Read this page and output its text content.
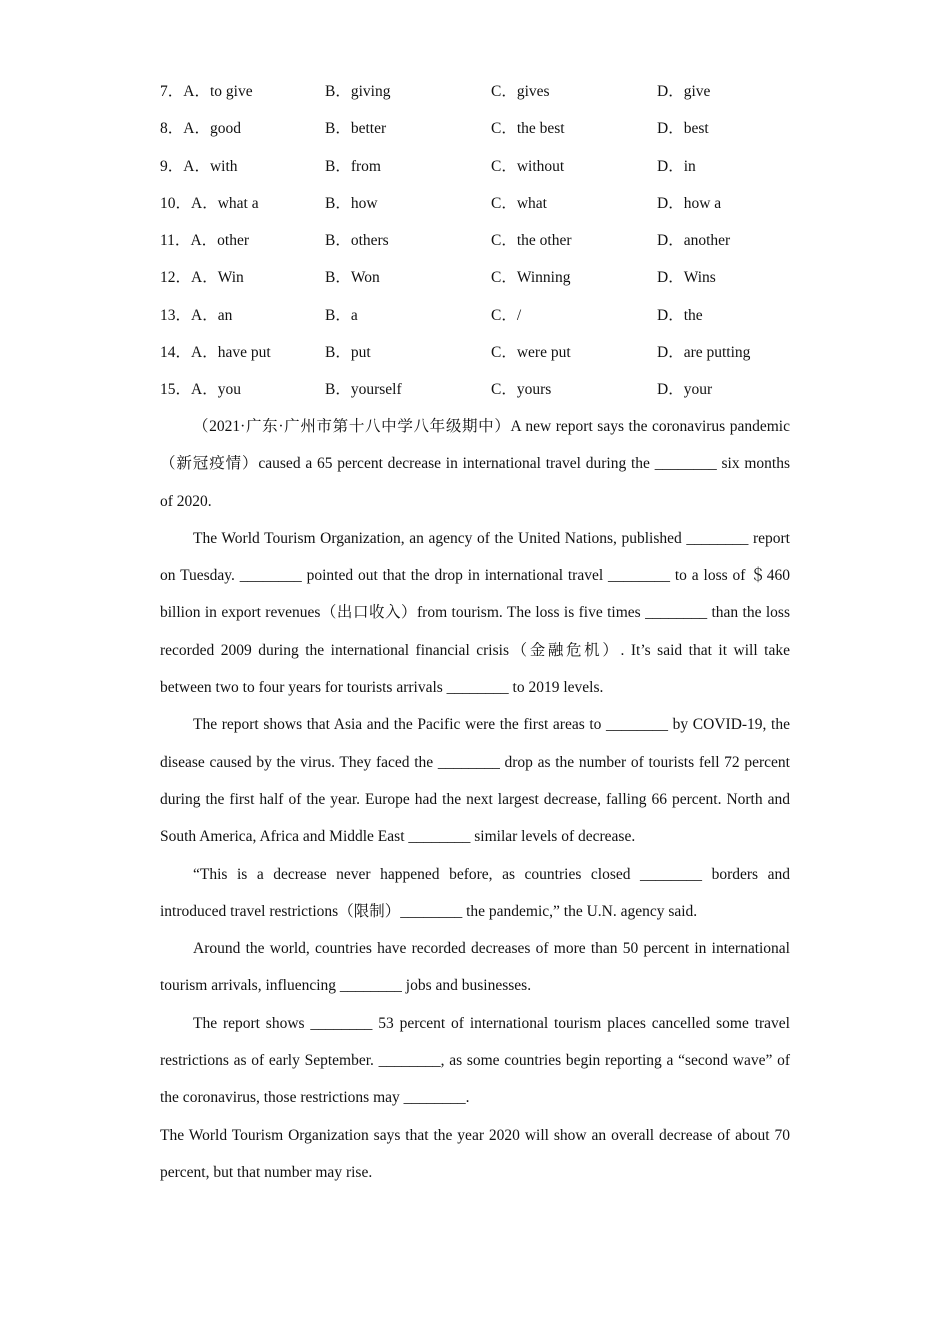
7．A．to give	B．giving	C．gives	D．give
8．A．good	B．better	C．the best	D．best
9．A．with	B．from	C．without	D．in
10．A．what a	B．how	C．what	D．how a
11．A．other	B．others	C．the other	D．another
12．A．Win	B．Won	C．Winning	D．Wins
13．A．an	B．a	C．/	D．the
14．A．have put	B．put	C．were put	D．are putting
15．A．you	B．yourself	C．yours	D．your

（2021·广东·广州市第十八中学八年级期中）A new report says the coronavirus pandemic（新冠疫情）caused a 65 percent decrease in international travel during the ________ six months of 2020.

The World Tourism Organization, an agency of the United Nations, published ________ report on Tuesday. ________ pointed out that the drop in international travel ________ to a loss of ＄460 billion in export revenues（出口收入）from tourism. The loss is five times ________ than the loss recorded 2009 during the international financial crisis（金融危机）. It’s said that it will take between two to four years for tourists arrivals ________ to 2019 levels.

The report shows that Asia and the Pacific were the first areas to ________ by COVID-19, the disease caused by the virus. They faced the ________ drop as the number of tourists fell 72 percent during the first half of the year. Europe had the next largest decrease, falling 66 percent. North and South America, Africa and Middle East ________ similar levels of decrease.

“This is a decrease never happened before, as countries closed ________ borders and introduced travel restrictions（限制）________ the pandemic,” the U.N. agency said.

Around the world, countries have recorded decreases of more than 50 percent in international tourism arrivals, influencing ________ jobs and businesses.

The report shows ________ 53 percent of international tourism places cancelled some travel restrictions as of early September. ________, as some countries begin reporting a “second wave” of the coronavirus, those restrictions may ________.

The World Tourism Organization says that the year 2020 will show an overall decrease of about 70 percent, but that number may rise.
